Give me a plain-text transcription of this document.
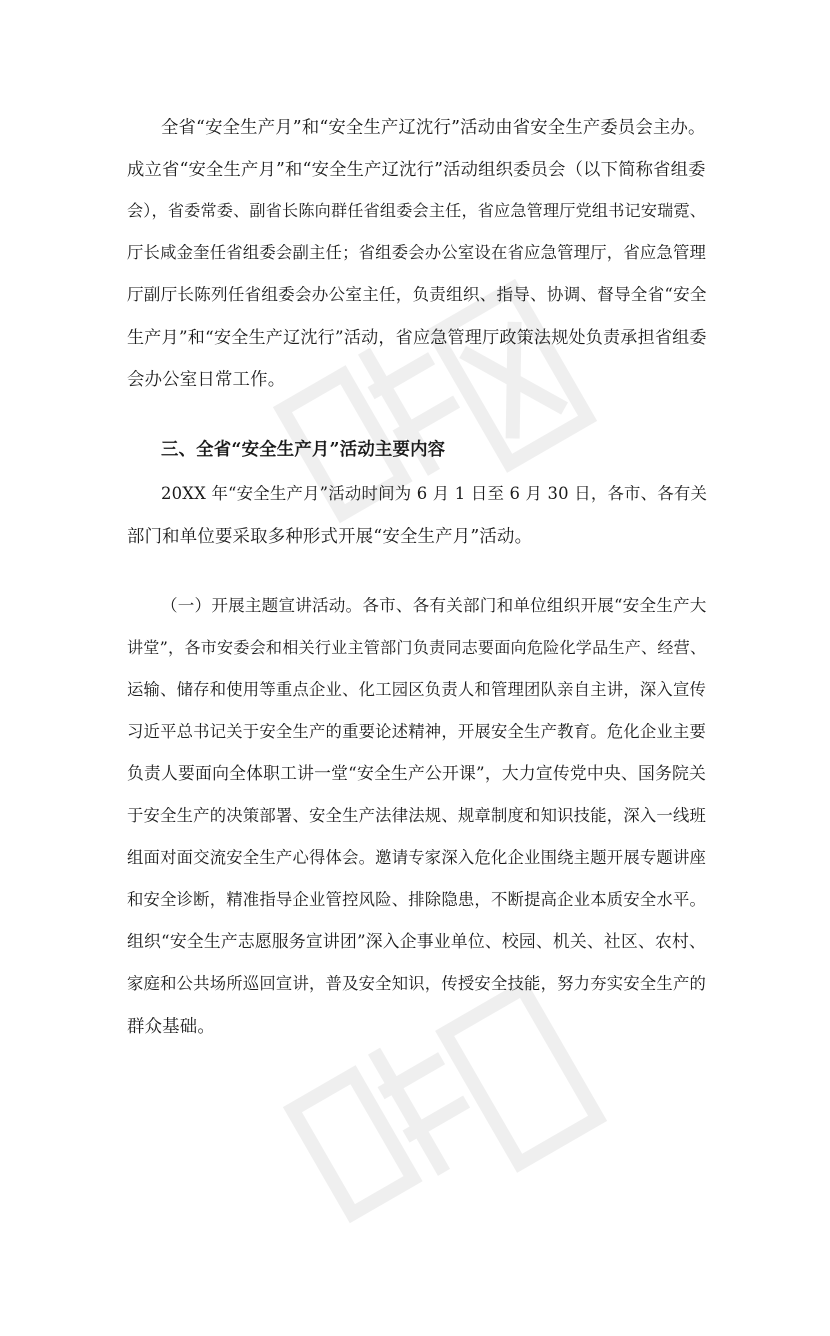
全省“安全生产月”和“安全生产辽沈行”活动由省安全生产委员会主办。
成立省“安全生产月”和“安全生产辽沈行”活动组织委员会（以下简称省组委
会），省委常委、副省长陈向群任省组委会主任，省应急管理厅党组书记安瑞霓、
厅长咸金奎任省组委会副主任；省组委会办公室设在省应急管理厅，省应急管理
厅副厅长陈列任省组委会办公室主任，负责组织、指导、协调、督导全省“安全
生产月”和“安全生产辽沈行”活动，省应急管理厅政策法规处负责承担省组委
会办公室日常工作。
三、全省“安全生产月”活动主要内容
20XX 年“安全生产月”活动时间为 6 月 1 日至 6 月 30 日，各市、各有关
部门和单位要采取多种形式开展“安全生产月”活动。
（一）开展主题宣讲活动。各市、各有关部门和单位组织开展“安全生产大
讲堂”，各市安委会和相关行业主管部门负责同志要面向危险化学品生产、经营、
运输、储存和使用等重点企业、化工园区负责人和管理团队亲自主讲，深入宣传
习近平总书记关于安全生产的重要论述精神，开展安全生产教育。危化企业主要
负责人要面向全体职工讲一堂“安全生产公开课”，大力宣传党中央、国务院关
于安全生产的决策部署、安全生产法律法规、规章制度和知识技能，深入一线班
组面对面交流安全生产心得体会。邀请专家深入危化企业围绕主题开展专题讲座
和安全诊断，精准指导企业管控风险、排除隐患，不断提高企业本质安全水平。
组织“安全生产志愿服务宣讲团”深入企事业单位、校园、机关、社区、农村、
家庭和公共场所巡回宣讲，普及安全知识，传授安全技能，努力夯实安全生产的
群众基础。
